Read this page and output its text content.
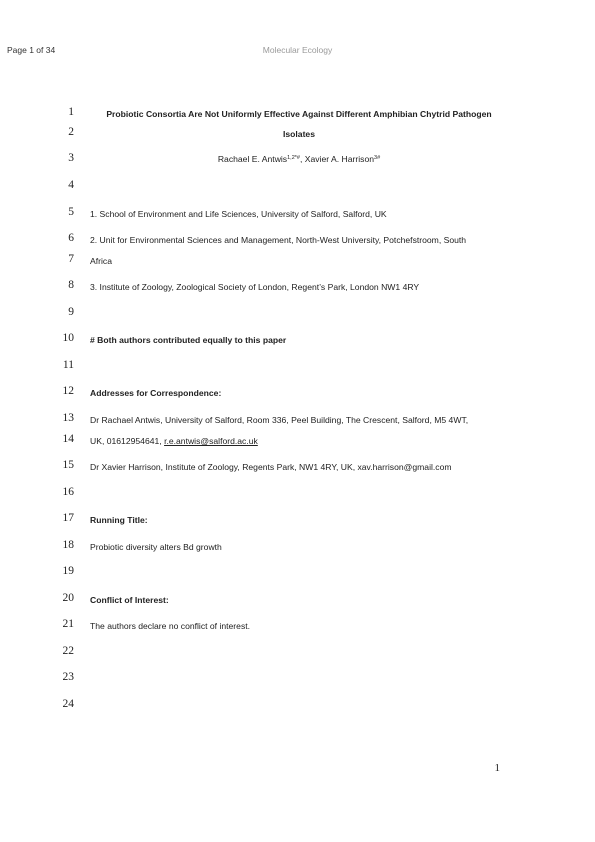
Page 1 of 34	Molecular Ecology
1
2
3
4
5
6
7
8
9
10
11
12
13
14
15
16
17
18
19
20
21
22
23
24
Probiotic Consortia Are Not Uniformly Effective Against Different Amphibian Chytrid Pathogen
Isolates
Rachael E. Antwis$^{1,2*\#}$, Xavier A. Harrison$^{3\#}$
1. School of Environment and Life Sciences, University of Salford, Salford, UK
2. Unit for Environmental Sciences and Management, North-West University, Potchefstroom, South
Africa
3. Institute of Zoology, Zoological Society of London, Regent’s Park, London NW1 4RY
# Both authors contributed equally to this paper
Addresses for Correspondence:
Dr Rachael Antwis, University of Salford, Room 336, Peel Building, The Crescent, Salford, M5 4WT,
UK, 01612954641, r.e.antwis@salford.ac.uk
Dr Xavier Harrison, Institute of Zoology, Regents Park, NW1 4RY, UK, xav.harrison@gmail.com
Running Title:
Probiotic diversity alters Bd growth
Conflict of Interest:
The authors declare no conflict of interest.
1
